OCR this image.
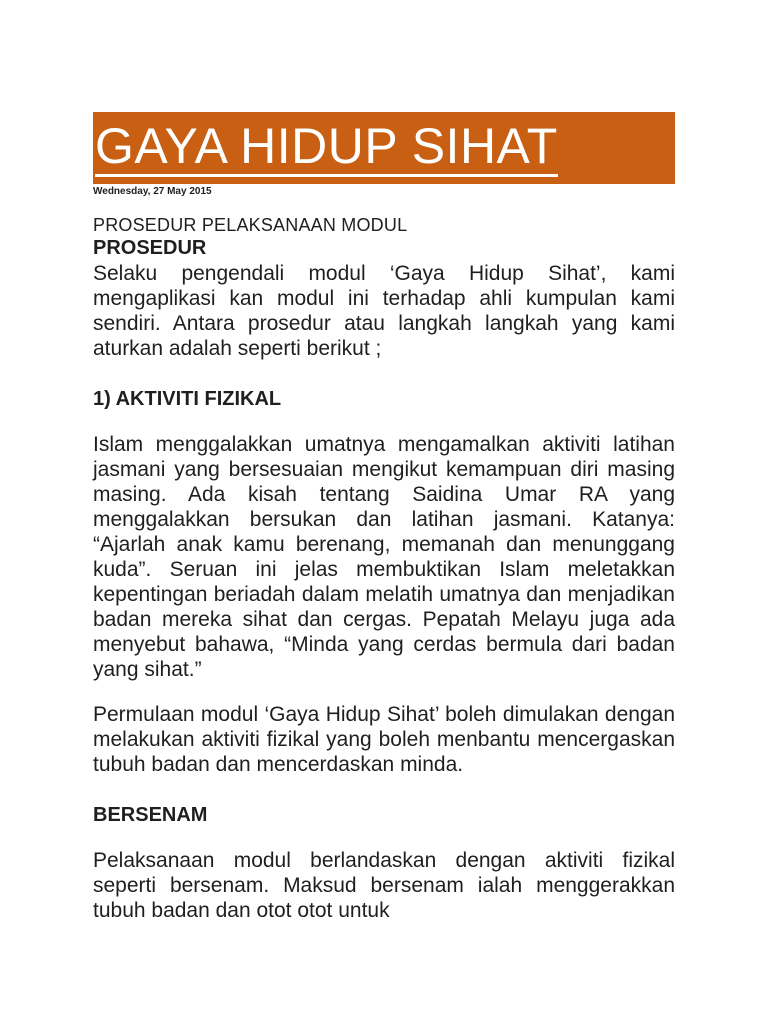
GAYA HIDUP SIHAT
Wednesday, 27 May 2015
PROSEDUR PELAKSANAAN MODUL
PROSEDUR

Selaku pengendali modul ‘Gaya Hidup Sihat’, kami mengaplikasi kan modul ini terhadap ahli kumpulan kami sendiri. Antara prosedur atau langkah langkah yang kami aturkan adalah seperti berikut ;

1) AKTIVITI FIZIKAL

Islam menggalakkan umatnya mengamalkan aktiviti latihan jasmani yang bersesuaian mengikut kemampuan diri masing masing. Ada kisah tentang Saidina Umar RA yang menggalakkan bersukan dan latihan jasmani. Katanya: “Ajarlah anak kamu berenang, memanah dan menunggang kuda”. Seruan ini jelas membuktikan Islam meletakkan kepentingan beriadah dalam melatih umatnya dan menjadikan badan mereka sihat dan cergas. Pepatah Melayu juga ada menyebut bahawa, “Minda yang cerdas bermula dari badan yang sihat.”

Permulaan modul ‘Gaya Hidup Sihat’ boleh dimulakan dengan melakukan aktiviti fizikal yang boleh menbantu mencergaskan tubuh badan dan mencerdaskan minda.

BERSENAM

Pelaksanaan modul berlandaskan dengan aktiviti fizikal seperti bersenam. Maksud bersenam ialah menggerakkan tubuh badan dan otot otot untuk
